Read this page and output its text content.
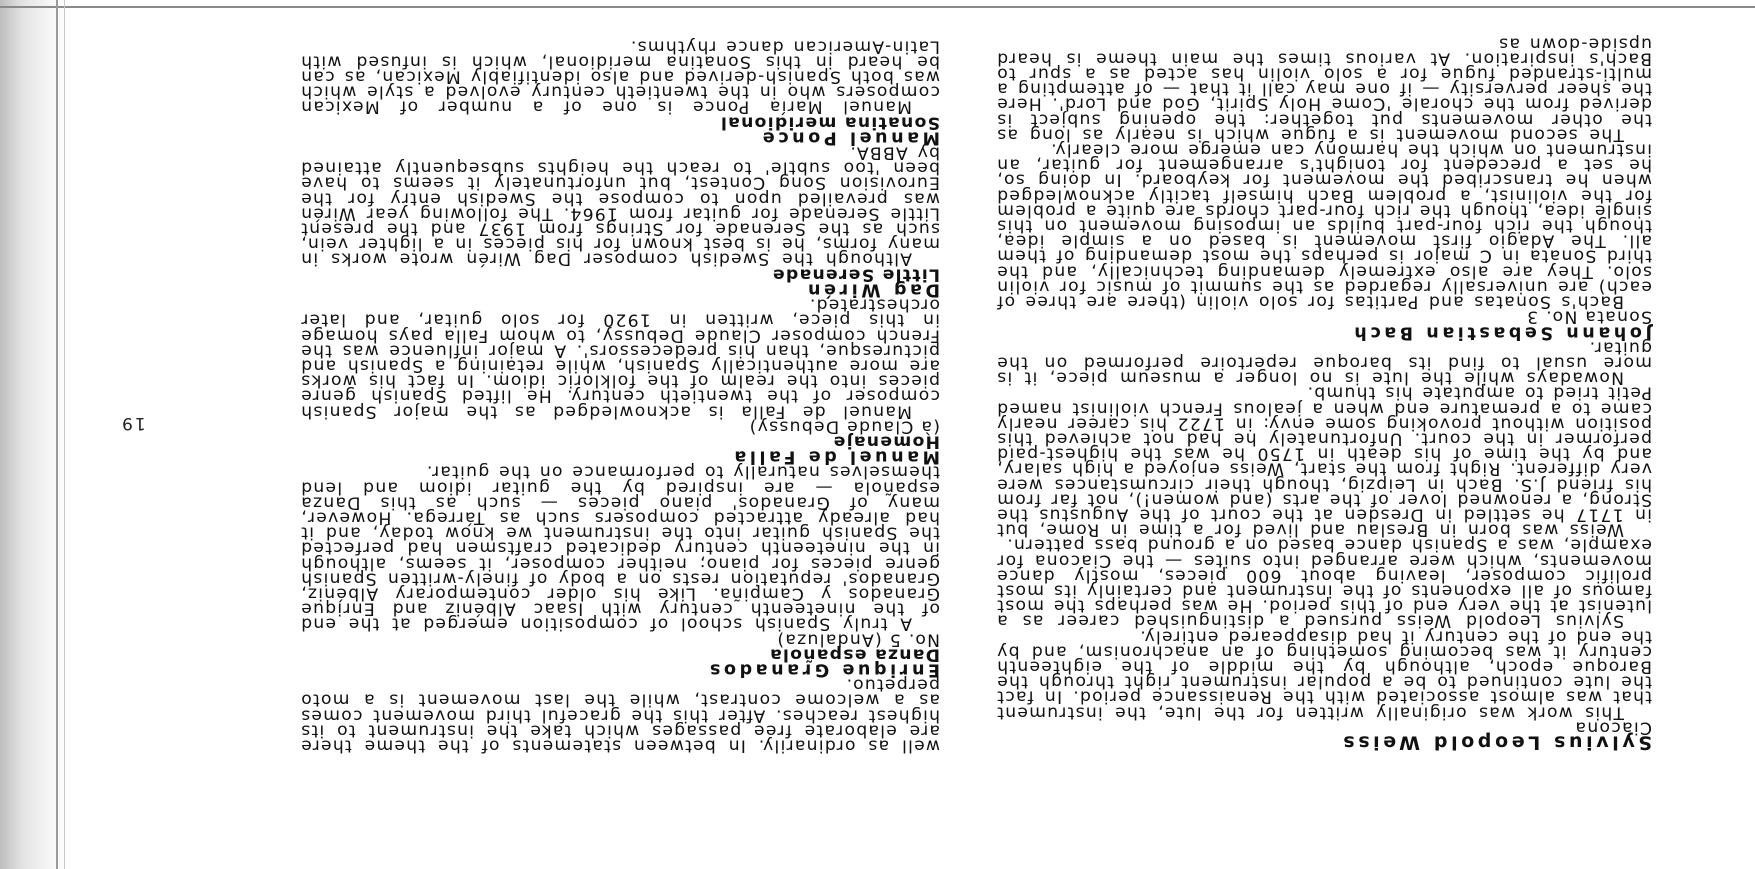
19
Sylvius Leopold Weiss
Ciacona

This work was originally written for the lute, the instrument that was almost associated with the Renaissance period. In fact the lute continued to be a popular instrument right through the Baroque epoch, although by the middle of the eighteenth century it was becoming something of an anachronism, and by the end of the century it had disappeared entirely.

Sylvius Leopold Weiss pursued a distinguished career as a lutenist at the very end of this period. He was perhaps the most famous of all exponents of the instrument and certainly its most prolific composer, leaving about 600 pieces, mostly dance movements, which were arranged into suites — the Ciacona for example, was a Spanish dance based on a ground bass pattern.

Weiss was born in Breslau and lived for a time in Rome, but in 1717 he settled in Dresden at the court of the Augustus the Strong, a renowned lover of the arts (and women!), not far from his friend J.S. Bach in Leipzig, though their circumstances were very different. Right from the start, Weiss enjoyed a high salary, and by the time of his death in 1750 he was the highest-paid performer in the court. Unfortunately he had not achieved this position without provoking some envy: in 1722 his career nearly came to a premature end when a jealous French violinist named Petit tried to amputate his thumb.

Nowadays while the lute is no longer a museum piece, it is more usual to find its baroque repertoire performed on the guitar.

Johann Sebastian Bach
Sonata No. 3

Bach's Sonatas and Partitas for solo violin (there are three of each) are universally regarded as the summit of music for violin solo. They are also extremely demanding technically, and the third Sonata in C major is perhaps the most demanding of them all. The Adagio first movement is based on a simple idea, though the rich four-part builds an imposing movement on this single idea, though the rich four-part chords are quite a problem for the violinist, a problem Bach himself tacitly acknowledged when he transcribed the movement for keyboard. In doing so, he set a precedent for tonight's arrangement for guitar, an instrument on which the harmony can emerge more clearly.

The second movement is a fugue which is nearly as long as the other movements put together: the opening subject is derived from the chorale 'Come Holy Spirit, God and Lord'. Here the sheer perversity — if one may call it that — of attempting a multi-stranded fugue for a solo violin has acted as a spur to Bach's inspiration. At various times the main theme is heard upside-down as

well as ordinarily. In between statements of the theme there are elaborate free passages which take the instrument to its highest reaches. After this the graceful third movement comes as a welcome contrast, while the last movement is a moto perpetuo.

Enrique Granados
Danza española
No. 5 (Andaluza)

A truly Spanish school of composition emerged at the end of the nineteenth century with Isaac Albéniz and Enrique Granados y Campiña. Like his older contemporary Albéniz, Granados' reputation rests on a body of finely-written Spanish genre pieces for piano; neither composer, it seems, although in the nineteenth century dedicated craftsmen had perfected the Spanish guitar into the instrument we know today, and it had already attracted composers such as Tárrega. However, many of Granados' piano pieces — such as this Danza española — are inspired by the guitar idiom and lend themselves naturally to performance on the guitar.

Manuel de Falla
Homenaje
(à Claude Debussy)

Manuel de Falla is acknowledged as the major Spanish composer of the twentieth century. He lifted Spanish genre pieces into the realm of the folkloric idiom. In fact his works are more authentically Spanish, while retaining a Spanish and picturesque, than his predecessors'. A major influence was the French composer Claude Debussy, to whom Falla pays homage in this piece, written in 1920 for solo guitar, and later orchestrated.

Dag Wirén
Little Serenade

Although the Swedish composer Dag Wirén wrote works in many forms, he is best known for his pieces in a lighter vein, such as the Serenade for Strings from 1937 and the present Little Serenade for guitar from 1964. The following year Wirén was prevailed upon to compose the Swedish entry for the Eurovision Song Contest, but unfortunately it seems to have been 'too subtle' to reach the heights subsequently attained by ABBA.

Manuel Ponce
Sonatina meridional

Manuel María Ponce is one of a number of Mexican composers who in the twentieth century evolved a style which was both Spanish-derived and also identifiably Mexican, as can be heard in this Sonatina meridional, which is infused with Latin-American dance rhythms.
